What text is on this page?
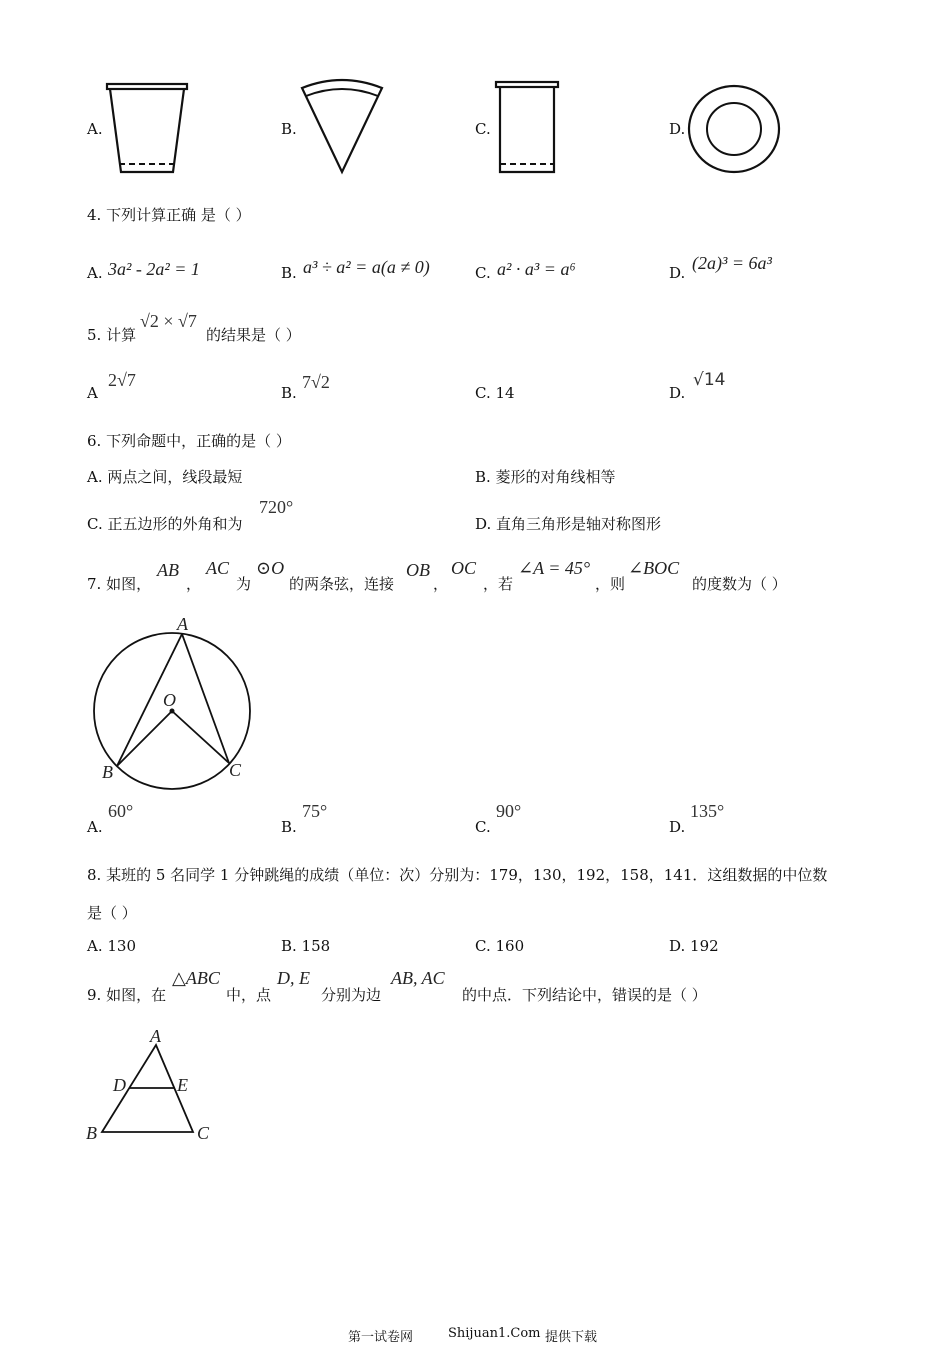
A.	B.	C.	D.
4. 下列计算正确 是（ ）
A. 3a² - 2a² = 1	B. a³ ÷ a² = a(a ≠ 0)	C. a² · a³ = a⁶	D. (2a)³ = 6a³
5. 计算
√2 × √7
的结果是（ ）
A
2√7
B.
7√2
C. 14	D.
√14
6. 下列命题中，正确的是（ ）
A. 两点之间，线段最短	B. 菱形的对角线相等
C. 正五边形的外角和为
720°
D. 直角三角形是轴对称图形
7. 如图，
AB
，
AC
为
⊙O
的两条弦，连接
OB
，
OC
，若
∠A = 45°
，则
∠BOC
的度数为（ ）
A
O
B	C
A.
60°
B.
75°
C.
90°
D.
135°
8. 某班的 5 名同学 1 分钟跳绳的成绩（单位：次）分别为：179，130，192，158，141．这组数据的中位数
是（ ）
A. 130	B. 158	C. 160	D. 192
9. 如图，在
△ABC
中，点
D, E
分别为边
AB, AC
的中点．下列结论中，错误的是（ ）
A
D	E
B	C
第一试卷网	Shijuan1.Com 提供下载
